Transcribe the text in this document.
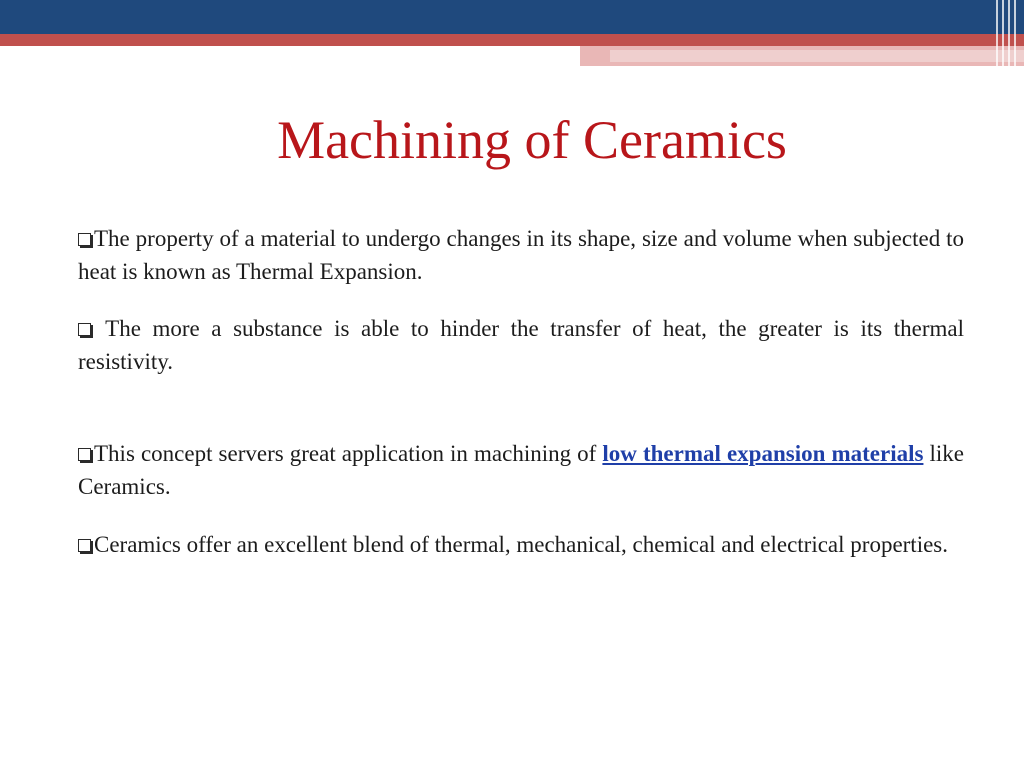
Machining of Ceramics

The property of a material to undergo changes in its shape, size and volume when subjected to heat is known as Thermal Expansion.

The more a substance is able to hinder the transfer of heat, the greater is its thermal resistivity.

This concept servers great application in machining of low thermal expansion materials like Ceramics.

Ceramics offer an excellent blend of thermal, mechanical, chemical and electrical properties.
